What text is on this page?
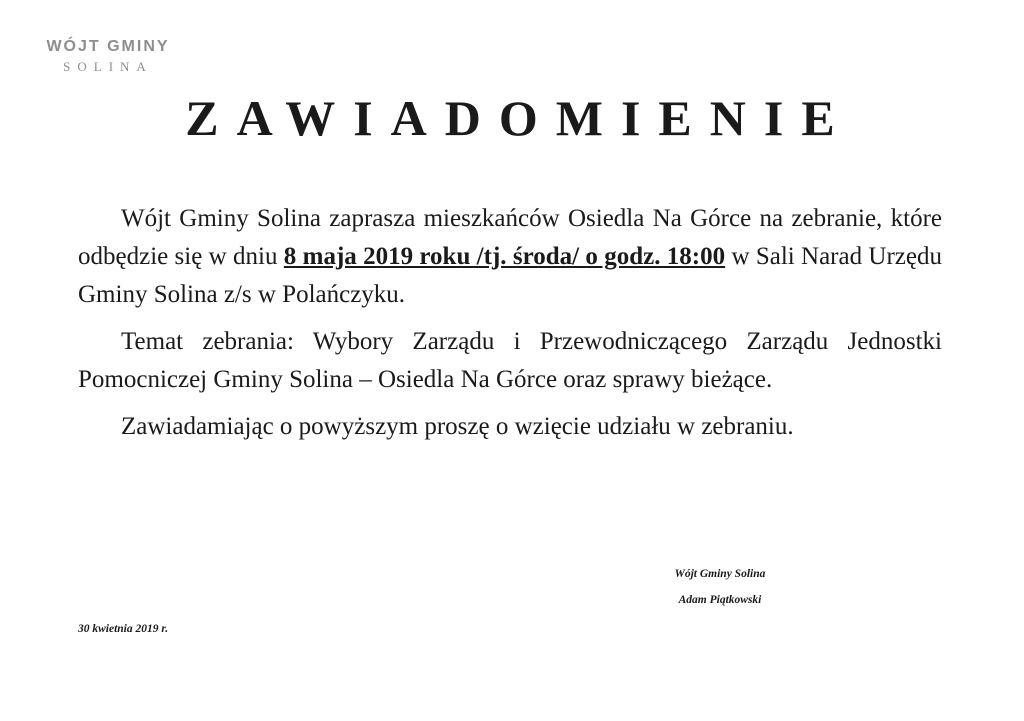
WÓJT GMINY
SOLINA
ZAWIADOMIENIE

Wójt Gminy Solina zaprasza mieszkańców Osiedla Na Górce na zebranie, które odbędzie się w dniu 8 maja 2019 roku /tj. środa/ o godz. 18:00 w Sali Narad Urzędu Gminy Solina z/s w Polańczyku.

Temat zebrania: Wybory Zarządu i Przewodniczącego Zarządu Jednostki Pomocniczej Gminy Solina – Osiedla Na Górce oraz sprawy bieżące.

Zawiadamiając o powyższym proszę o wzięcie udziału w zebraniu.

Wójt Gminy Solina
Adam Piątkowski
30 kwietnia 2019 r.
